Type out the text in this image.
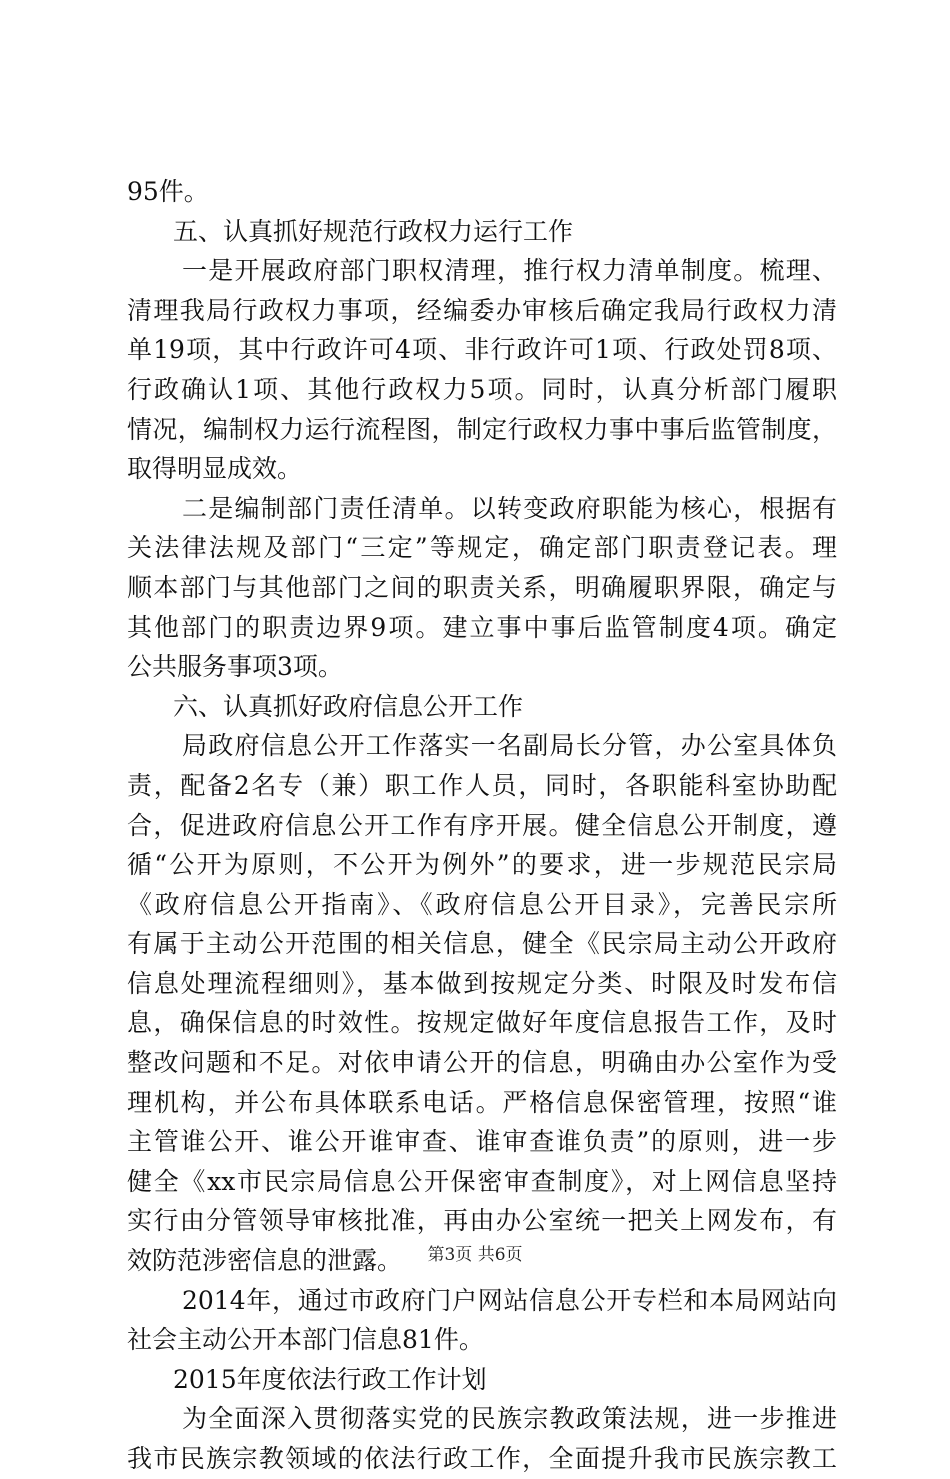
95件。
五、认真抓好规范行政权力运行工作
一是开展政府部门职权清理，推行权力清单制度。梳理、
清理我局行政权力事项，经编委办审核后确定我局行政权力清
单19项，其中行政许可4项、非行政许可1项、行政处罚8项、
行政确认1项、其他行政权力5项。同时，认真分析部门履职
情况，编制权力运行流程图，制定行政权力事中事后监管制度，
取得明显成效。
二是编制部门责任清单。以转变政府职能为核心，根据有
关法律法规及部门“三定”等规定，确定部门职责登记表。理
顺本部门与其他部门之间的职责关系，明确履职界限，确定与
其他部门的职责边界9项。建立事中事后监管制度4项。确定
公共服务事项3项。
六、认真抓好政府信息公开工作
局政府信息公开工作落实一名副局长分管，办公室具体负
责，配备2名专（兼）职工作人员，同时，各职能科室协助配
合，促进政府信息公开工作有序开展。健全信息公开制度，遵
循“公开为原则，不公开为例外”的要求，进一步规范民宗局
《政府信息公开指南》、《政府信息公开目录》，完善民宗所
有属于主动公开范围的相关信息，健全《民宗局主动公开政府
信息处理流程细则》，基本做到按规定分类、时限及时发布信
息，确保信息的时效性。按规定做好年度信息报告工作，及时
整改问题和不足。对依申请公开的信息，明确由办公室作为受
理机构，并公布具体联系电话。严格信息保密管理，按照“谁
主管谁公开、谁公开谁审查、谁审查谁负责”的原则，进一步
健全《xx市民宗局信息公开保密审查制度》，对上网信息坚持
实行由分管领导审核批准，再由办公室统一把关上网发布，有
效防范涉密信息的泄露。
2014年，通过市政府门户网站信息公开专栏和本局网站向
社会主动公开本部门信息81件。
2015年度依法行政工作计划
为全面深入贯彻落实党的民族宗教政策法规，进一步推进
我市民族宗教领域的依法行政工作，全面提升我市民族宗教工
第3页 共6页
